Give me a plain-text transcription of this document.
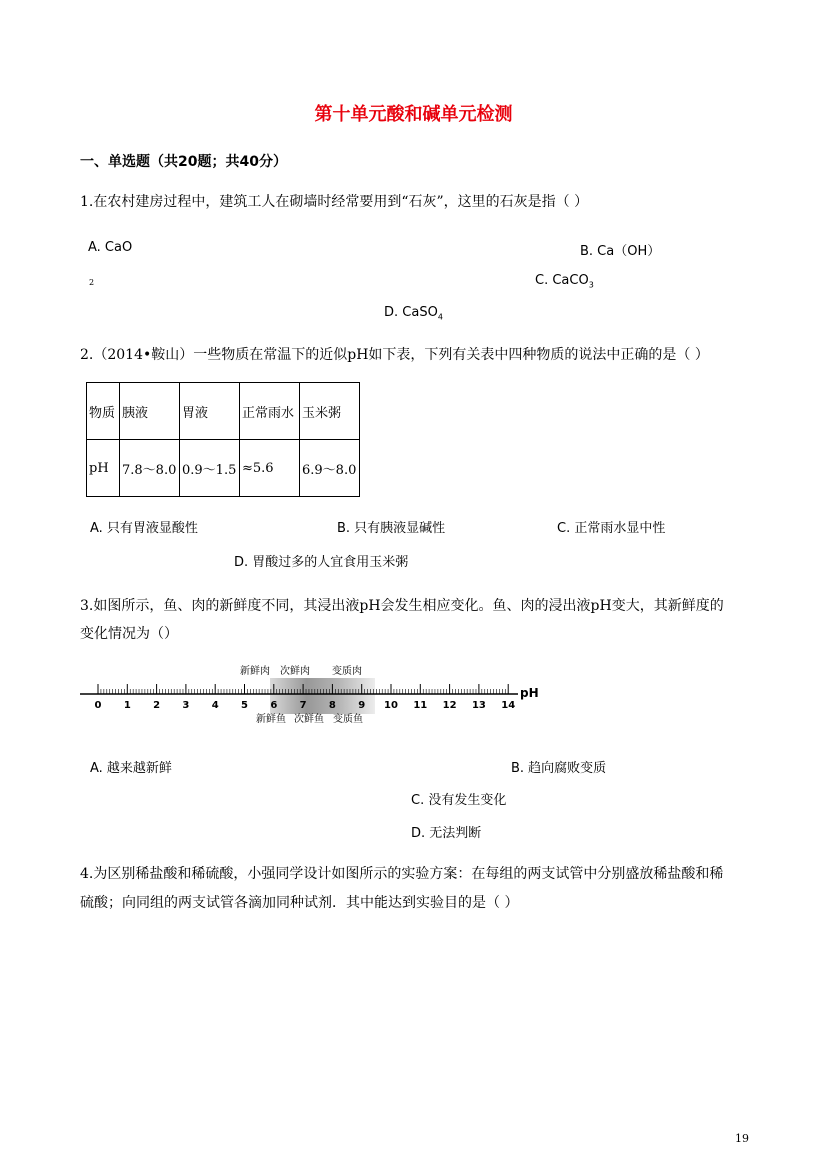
第十单元酸和碱单元检测
一、单选题（共20题；共40分）
1.在农村建房过程中，建筑工人在砌墙时经常要用到“石灰”，这里的石灰是指（ ）
A. CaO	B. Ca（OH）
2	C. CaCO$_3$
D. CaSO$_4$
2.（2014•鞍山）一些物质在常温下的近似pH如下表，下列有关表中四种物质的说法中正确的是（ ）
物质	胰液	胃液	正常雨水	玉米粥
pH	7.8～8.0	0.9～1.5	≈5.6	6.9～8.0
A. 只有胃液显酸性	B. 只有胰液显碱性	C. 正常雨水显中性
D. 胃酸过多的人宜食用玉米粥
3.如图所示，鱼、肉的新鲜度不同，其浸出液pH会发生相应变化。鱼、肉的浸出液pH变大，其新鲜度的
变化情况为（）
0 1 2 3 4 5 6 7 8 9 10 11 12 13 14
新鲜肉 次鲜肉 变质肉
新鲜鱼 次鲜鱼 变质鱼
pH
A. 越来越新鲜	B. 趋向腐败变质
C. 没有发生变化
D. 无法判断
4.为区别稀盐酸和稀硫酸，小强同学设计如图所示的实验方案：在每组的两支试管中分别盛放稀盐酸和稀
硫酸；向同组的两支试管各滴加同种试剂．其中能达到实验目的是（ ）
19
